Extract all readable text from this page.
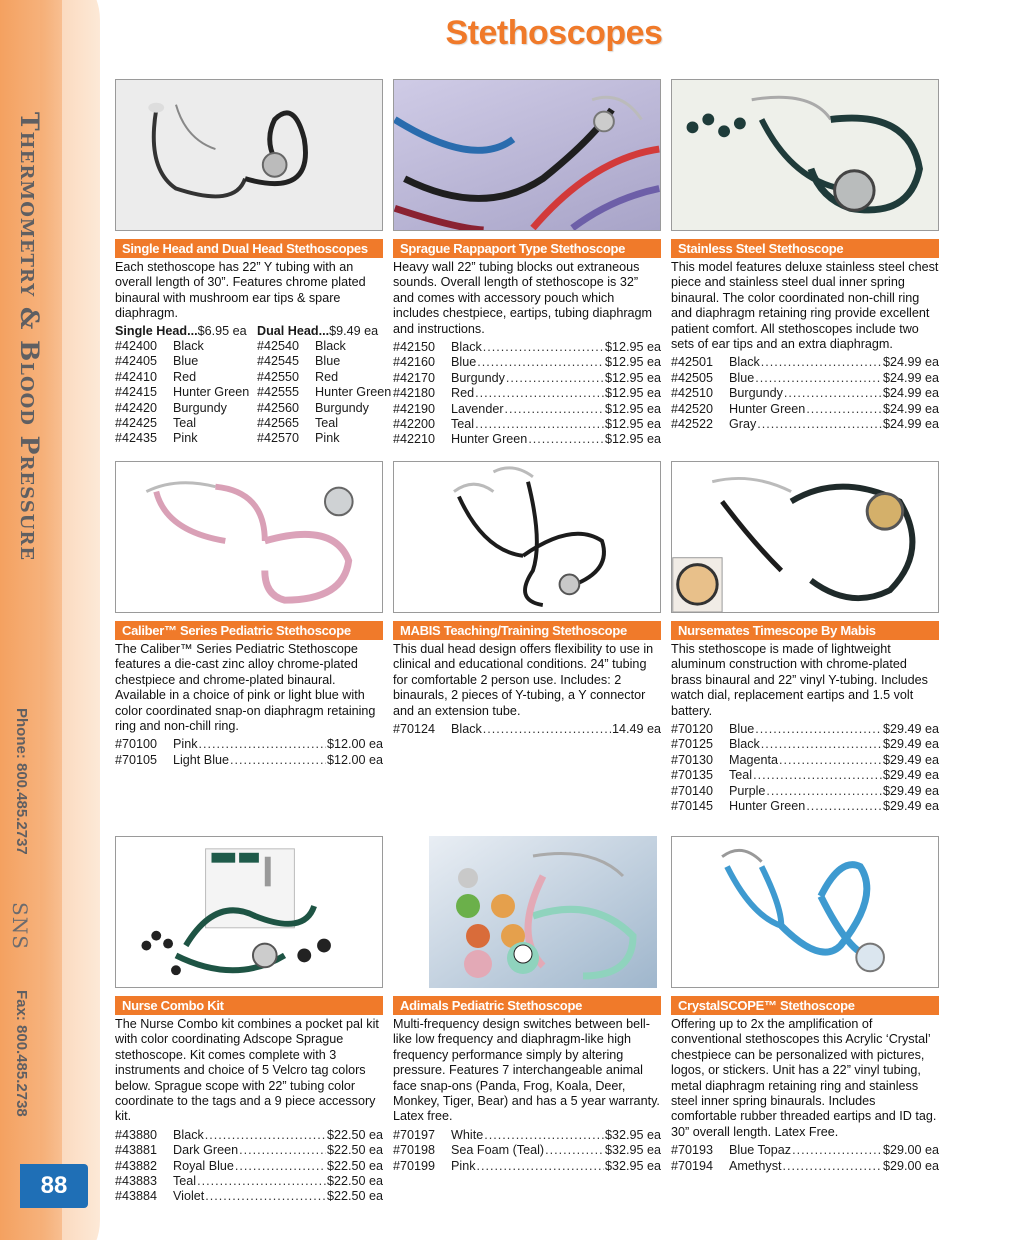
Thermometry & Blood Pressure
Phone: 800.485.2737
SNS
Fax: 800.485.2738
88
Stethoscopes
Single Head and Dual Head Stethoscopes
Each stethoscope has 22” Y tubing with an overall length of 30”. Features chrome plated binaural with mushroom ear tips & spare diaphragm.
Single Head...$6.95 ea
#42400	Black
#42405	Blue
#42410	Red
#42415	Hunter Green
#42420	Burgundy
#42425	Teal
#42435	Pink
Dual Head...$9.49 ea
#42540	Black
#42545	Blue
#42550	Red
#42555	Hunter Green
#42560	Burgundy
#42565	Teal
#42570	Pink
Sprague Rappaport Type Stethoscope
Heavy wall 22” tubing blocks out extraneous sounds. Overall length of stethoscope is 32” and comes with accessory pouch which includes chestpiece, eartips, tubing diaphragm and instructions.
#42150	Black .....	$12.95 ea
#42160	Blue .....	$12.95 ea
#42170	Burgundy .....	$12.95 ea
#42180	Red .....	$12.95 ea
#42190	Lavender .....	$12.95 ea
#42200	Teal .....	$12.95 ea
#42210	Hunter Green .....	$12.95 ea
Stainless Steel Stethoscope
This model features deluxe stainless steel chest piece and stainless steel dual inner spring binaural. The color coordinated non-chill ring and diaphragm retaining ring provide excellent patient comfort. All stethoscopes include two sets of ear tips and an extra diaphragm.
#42501	Black .....	$24.99 ea
#42505	Blue .....	$24.99 ea
#42510	Burgundy .....	$24.99 ea
#42520	Hunter Green .....	$24.99 ea
#42522	Gray .....	$24.99 ea
Caliber™ Series Pediatric Stethoscope
The Caliber™ Series Pediatric Stethoscope features a die-cast zinc alloy chrome-plated chestpiece and chrome-plated binaural. Available in a choice of pink or light blue with color coordinated snap-on diaphragm retaining ring and non-chill ring.
#70100	Pink .....	$12.00 ea
#70105	Light Blue .....	$12.00 ea
MABIS Teaching/Training Stethoscope
This dual head design offers flexibility to use in clinical and educational conditions. 24” tubing for comfortable 2 person use. Includes: 2 binaurals, 2 pieces of Y-tubing, a Y connector and an extension tube.
#70124	Black .....	14.49 ea
Nursemates Timescope By Mabis
This stethoscope is made of lightweight aluminum construction with chrome-plated brass binaural and 22” vinyl Y-tubing. Includes watch dial, replacement eartips and 1.5 volt battery.
#70120	Blue .....	$29.49 ea
#70125	Black .....	$29.49 ea
#70130	Magenta .....	$29.49 ea
#70135	Teal .....	$29.49 ea
#70140	Purple .....	$29.49 ea
#70145	Hunter Green .....	$29.49 ea
Nurse Combo Kit
The Nurse Combo kit combines a pocket pal kit with color coordinating Adscope Sprague stethoscope. Kit comes complete with 3 instruments and choice of 5 Velcro tag colors below. Sprague scope with 22” tubing color coordinate to the tags and a 9 piece accessory kit.
#43880	Black .....	$22.50 ea
#43881	Dark Green .....	$22.50 ea
#43882	Royal Blue .....	$22.50 ea
#43883	Teal .....	$22.50 ea
#43884	Violet .....	$22.50 ea
Adimals Pediatric Stethoscope
Multi-frequency design switches between bell-like low frequency and diaphragm-like high frequency performance simply by altering pressure. Features 7 interchangeable animal face snap-ons (Panda, Frog, Koala, Deer, Monkey, Tiger, Bear) and has a 5 year warranty. Latex free.
#70197	White .....	$32.95 ea
#70198	Sea Foam (Teal) .....	$32.95 ea
#70199	Pink .....	$32.95 ea
CrystalSCOPE™ Stethoscope
Offering up to 2x the amplification of conventional stethoscopes this Acrylic ‘Crystal’ chestpiece can be personalized with pictures, logos, or stickers. Unit has a 22” vinyl tubing, metal diaphragm retaining ring and stainless steel inner spring binaurals. Includes comfortable rubber threaded eartips and ID tag. 30” overall length. Latex Free.
#70193	Blue Topaz .....	$29.00 ea
#70194	Amethyst .....	$29.00 ea
